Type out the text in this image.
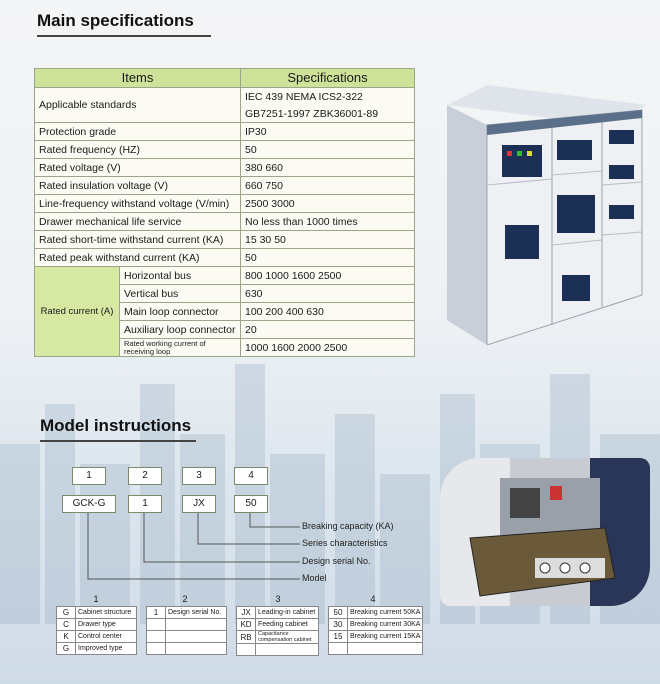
Main specifications
Items		Specifications
Applicable standards		IEC 439 NEMA ICS2-322
GB7251-1997 ZBK36001-89

Protection grade		IP30
Rated frequency (HZ)		50
Rated voltage (V)		380 660
Rated insulation voltage (V)		660 750
Line-frequency withstand voltage (V/min)		2500 3000
Drawer mechanical life service		No less than 1000 times
Rated short-time withstand current (KA)		15 30 50
Rated peak withstand current (KA)		50
Rated current (A)	Horizontal bus	800 1000 1600 2500
	Vertical bus	630
	Main loop connector	100 200 400 630
	Auxiliary loop connector	20
	Rated working current of receiving loop	1000 1600 2000 2500
Model instructions
1	2	3	4
GCK-G	1	JX	50
Breaking capacity (KA)
Series characteristics
Design serial No.
Model
1	2	3	4
G	Cabinet structure
C	Drawer type
K	Control center
G	Improved type
1	Design serial No.

		JX	Leading-in cabinet
KD	Feeding cabinet
RB	Capacitance compensation cabinet

50	Breaking current 50KA
30	Breaking current 30KA
15	Breaking current 15KA
